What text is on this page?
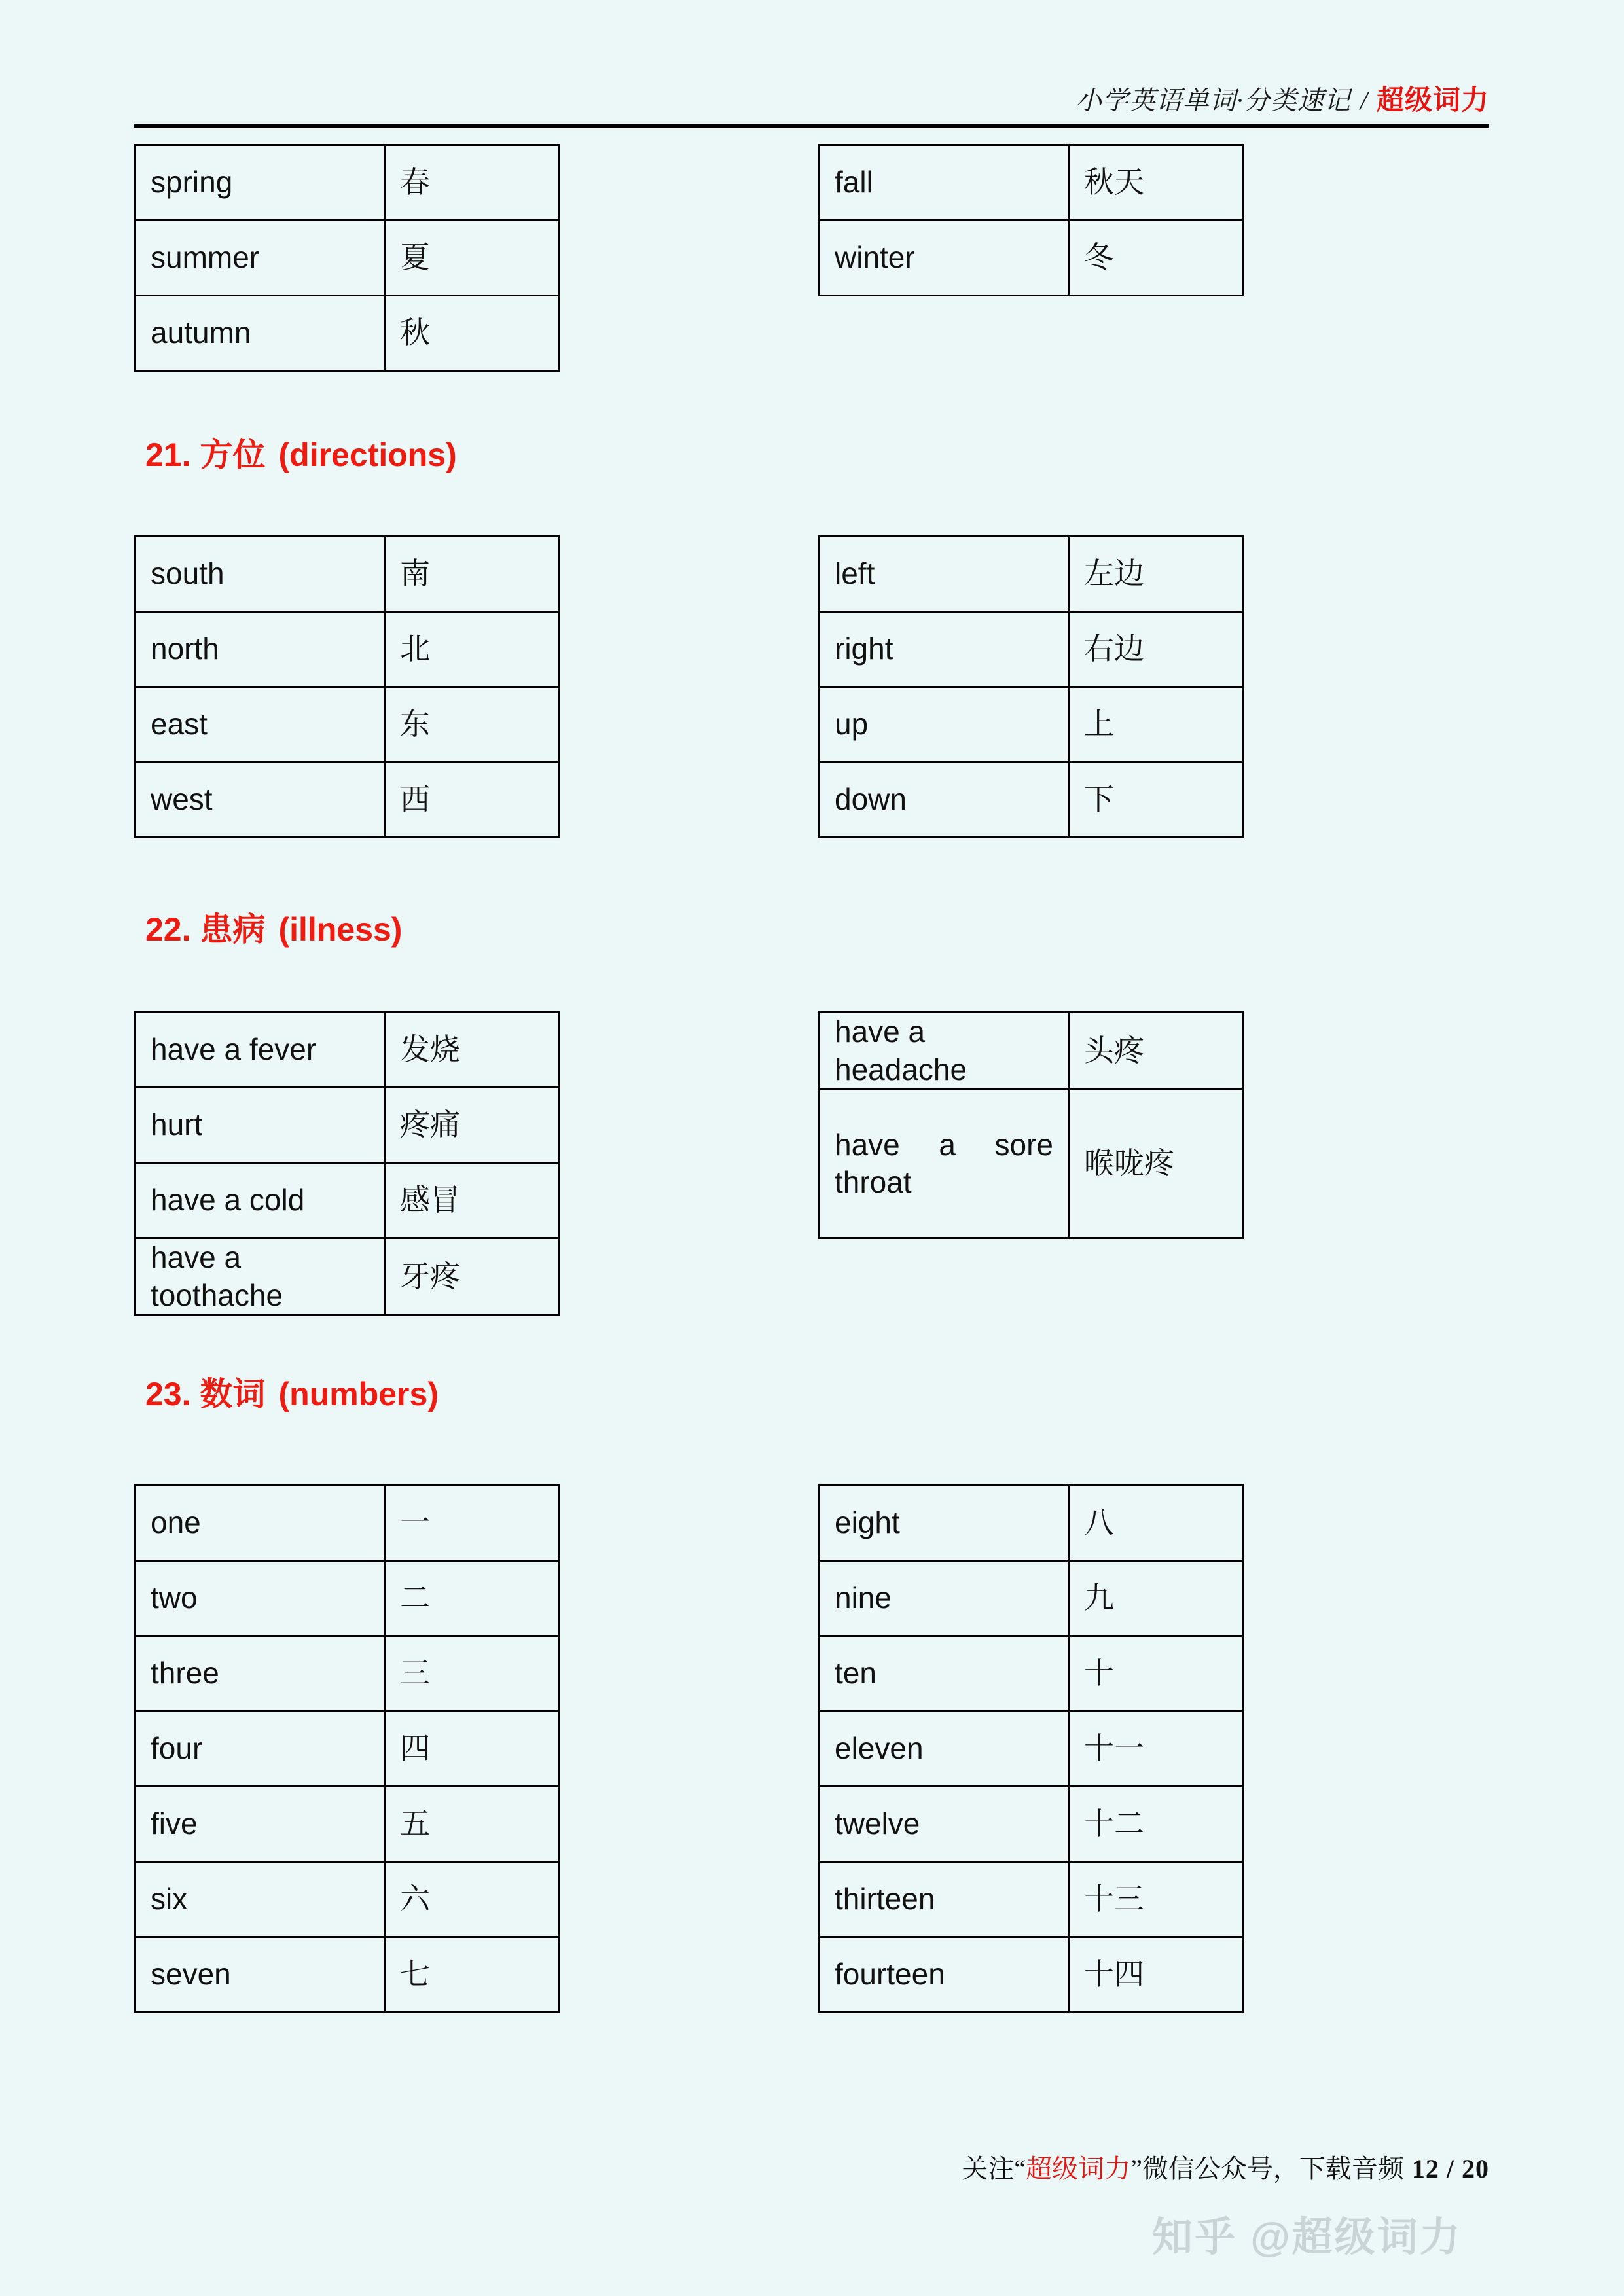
小学英语单词·分类速记 / 超级词力
spring	春
summer	夏
autumn	秋
fall	秋天
winter	冬
21. 方位 (directions)
south	南
north	北
east	东
west	西
left	左边
right	右边
up	上
down	下
22. 患病 (illness)
have a fever	发烧
hurt	疼痛
have a cold	感冒
have a toothache	牙疼
have a headache	头疼
have a sore throat	喉咙疼
23. 数词 (numbers)
one	一
two	二
three	三
four	四
five	五
six	六
seven	七
eight	八
nine	九
ten	十
eleven	十一
twelve	十二
thirteen	十三
fourteen	十四
关注“超级词力”微信公众号，下载音频 12 / 20
知乎 @超级词力
